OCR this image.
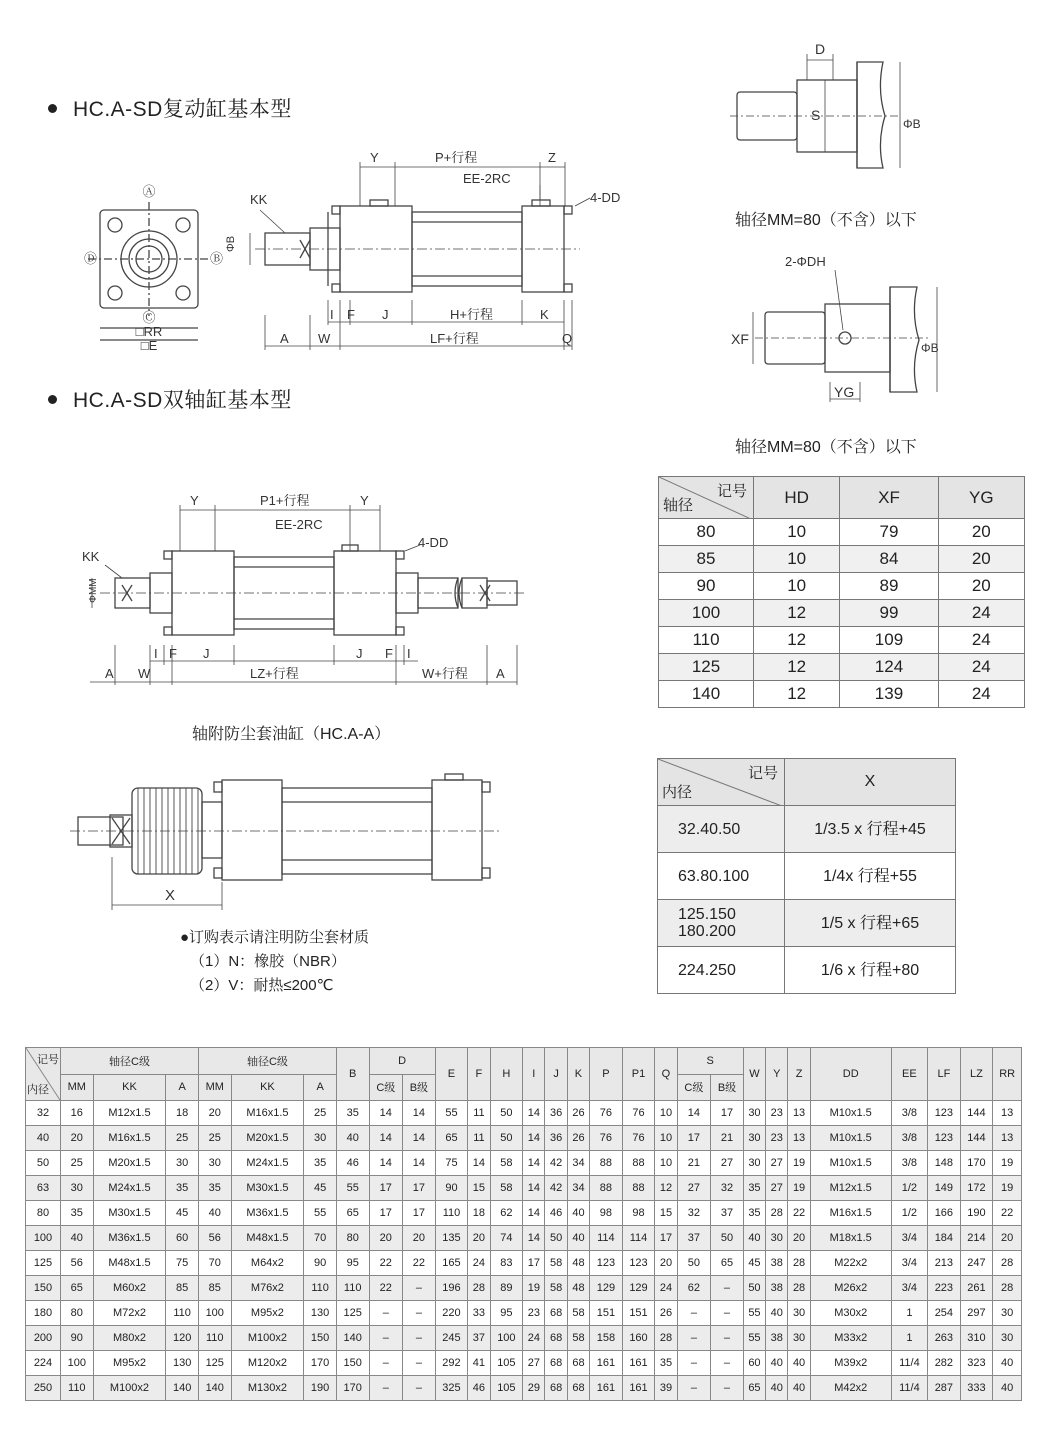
HC.A-SD复动缸基本型
HC.A-SD双轴缸基本型
Ⓐ
Ⓑ
Ⓓ
Ⓒ
□RR
□E
KK
ΦB
Y	P+行程	Z
EE-2RC
4-DD
I F J	H+行程	K
A W	LF+行程	Q
D
S
ΦB
轴径MM=80（不含）以下
2-ΦDH
XF
YG
ΦB
轴径MM=80（不含）以下
Y	P1+行程	Y
EE-2RC
4-DD
KK
ΦMM
I F J	J F I
A W	LZ+行程	W+行程 A
轴附防尘套油缸（HC.A-A）
X
●订购表示请注明防尘套材质
（1）N：橡胶（NBR）
（2）V：耐热≤200℃
记号
轴径	HD	XF	YG
80	10	79	20
85	10	84	20
90	10	89	20
100	12	99	24
110	12	109	24
125	12	124	24
140	12	139	24
记号
内径	X
32.40.50	1/3.5 x 行程+45
63.80.100	1/4x 行程+55
125.150
180.200	1/5 x 行程+65
224.250	1/6 x 行程+80
记号
内径	轴径C级			轴径C级			B	D		E	F	H	I	J	K	P	P1	Q	S		W	Y	Z	DD	EE	LF	LZ	RR
	MM	KK	A	MM	KK	A		C级	B级										C级	B级								
32	16	M12x1.5	18	20	M16x1.5	25	35	14	14	55	11	50	14	36	26	76	76	10	14	17	30	23	13	M10x1.5	3/8	123	144	13
40	20	M16x1.5	25	25	M20x1.5	30	40	14	14	65	11	50	14	36	26	76	76	10	17	21	30	23	13	M10x1.5	3/8	123	144	13
50	25	M20x1.5	30	30	M24x1.5	35	46	14	14	75	14	58	14	42	34	88	88	10	21	27	30	27	19	M10x1.5	3/8	148	170	19
63	30	M24x1.5	35	35	M30x1.5	45	55	17	17	90	15	58	14	42	34	88	88	12	27	32	35	27	19	M12x1.5	1/2	149	172	19
80	35	M30x1.5	45	40	M36x1.5	55	65	17	17	110	18	62	14	46	40	98	98	15	32	37	35	28	22	M16x1.5	1/2	166	190	22
100	40	M36x1.5	60	56	M48x1.5	70	80	20	20	135	20	74	14	50	40	114	114	17	37	50	40	30	20	M18x1.5	3/4	184	214	20
125	56	M48x1.5	75	70	M64x2	90	95	22	22	165	24	83	17	58	48	123	123	20	50	65	45	38	28	M22x2	3/4	213	247	28
150	65	M60x2	85	85	M76x2	110	110	22	–	196	28	89	19	58	48	129	129	24	62	–	50	38	28	M26x2	3/4	223	261	28
180	80	M72x2	110	100	M95x2	130	125	–	–	220	33	95	23	68	58	151	151	26	–	–	55	40	30	M30x2	1	254	297	30
200	90	M80x2	120	110	M100x2	150	140	–	–	245	37	100	24	68	58	158	160	28	–	–	55	38	30	M33x2	1	263	310	30
224	100	M95x2	130	125	M120x2	170	150	–	–	292	41	105	27	68	68	161	161	35	–	–	60	40	40	M39x2	11/4	282	323	40
250	110	M100x2	140	140	M130x2	190	170	–	–	325	46	105	29	68	68	161	161	39	–	–	65	40	40	M42x2	11/4	287	333	40
